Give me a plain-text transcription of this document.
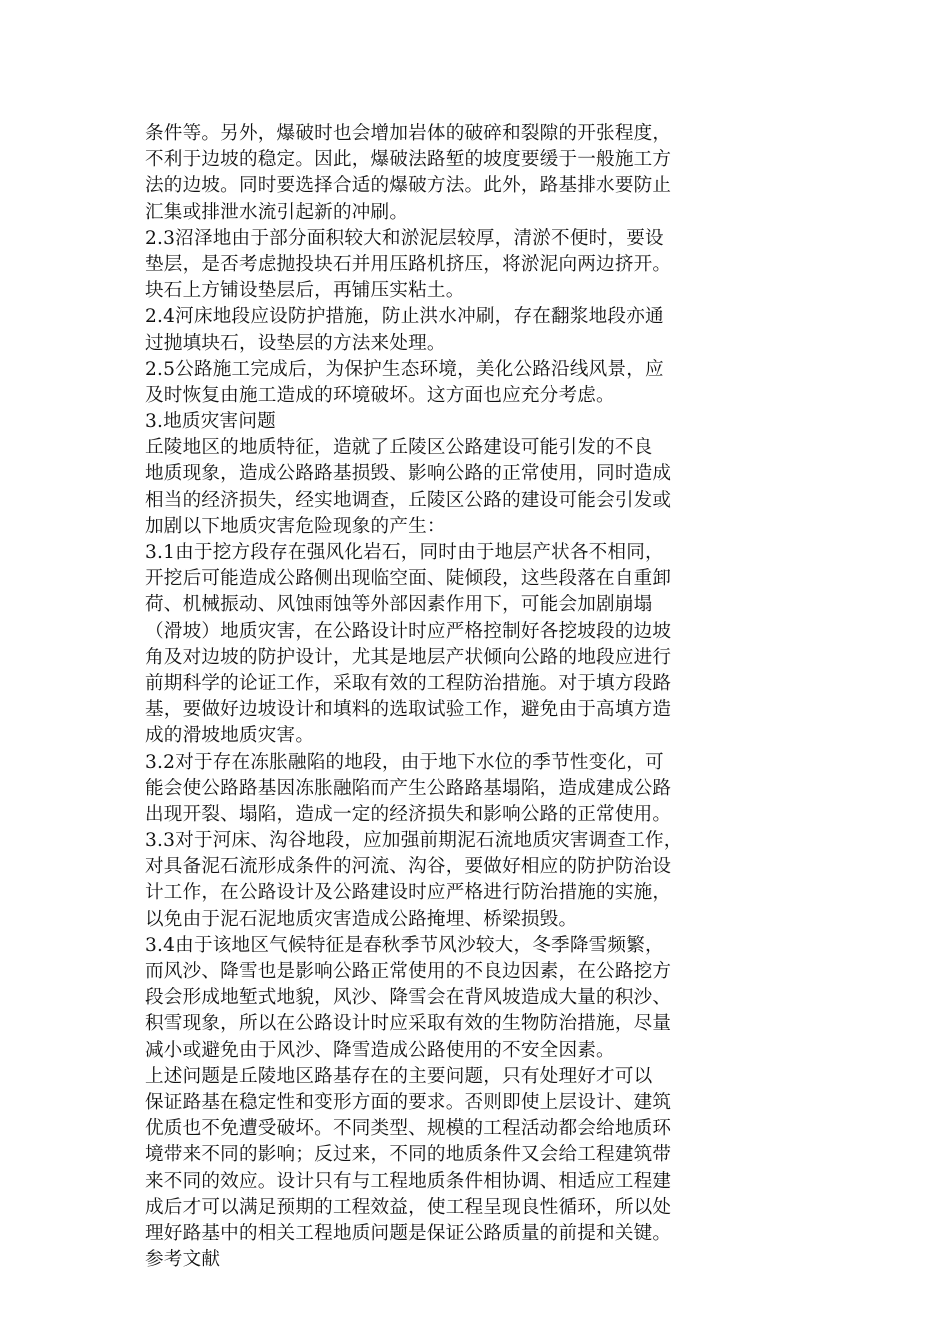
条件等。另外，爆破时也会增加岩体的破碎和裂隙的开张程度，
不利于边坡的稳定。因此，爆破法路堑的坡度要缓于一般施工方
法的边坡。同时要选择合适的爆破方法。此外，路基排水要防止
汇集或排泄水流引起新的冲刷。
2.3沼泽地由于部分面积较大和淤泥层较厚，清淤不便时，要设
垫层，是否考虑抛投块石并用压路机挤压，将淤泥向两边挤开。
块石上方铺设垫层后，再铺压实粘土。
2.4河床地段应设防护措施，防止洪水冲刷，存在翻浆地段亦通
过抛填块石，设垫层的方法来处理。
2.5公路施工完成后，为保护生态环境，美化公路沿线风景，应
及时恢复由施工造成的环境破坏。这方面也应充分考虑。
3.地质灾害问题
丘陵地区的地质特征，造就了丘陵区公路建设可能引发的不良
地质现象，造成公路路基损毁、影响公路的正常使用，同时造成
相当的经济损失，经实地调查，丘陵区公路的建设可能会引发或
加剧以下地质灾害危险现象的产生：
3.1由于挖方段存在强风化岩石，同时由于地层产状各不相同，
开挖后可能造成公路侧出现临空面、陡倾段，这些段落在自重卸
荷、机械振动、风蚀雨蚀等外部因素作用下，可能会加剧崩塌
（滑坡）地质灾害，在公路设计时应严格控制好各挖坡段的边坡
角及对边坡的防护设计，尤其是地层产状倾向公路的地段应进行
前期科学的论证工作，采取有效的工程防治措施。对于填方段路
基，要做好边坡设计和填料的选取试验工作，避免由于高填方造
成的滑坡地质灾害。
3.2对于存在冻胀融陷的地段，由于地下水位的季节性变化，可
能会使公路路基因冻胀融陷而产生公路路基塌陷，造成建成公路
出现开裂、塌陷，造成一定的经济损失和影响公路的正常使用。
3.3对于河床、沟谷地段，应加强前期泥石流地质灾害调查工作，
对具备泥石流形成条件的河流、沟谷，要做好相应的防护防治设
计工作，在公路设计及公路建设时应严格进行防治措施的实施，
以免由于泥石泥地质灾害造成公路掩埋、桥梁损毁。
3.4由于该地区气候特征是春秋季节风沙较大，冬季降雪频繁，
而风沙、降雪也是影响公路正常使用的不良边因素，在公路挖方
段会形成地堑式地貌，风沙、降雪会在背风坡造成大量的积沙、
积雪现象，所以在公路设计时应采取有效的生物防治措施，尽量
减小或避免由于风沙、降雪造成公路使用的不安全因素。
上述问题是丘陵地区路基存在的主要问题，只有处理好才可以
保证路基在稳定性和变形方面的要求。否则即使上层设计、建筑
优质也不免遭受破坏。不同类型、规模的工程活动都会给地质环
境带来不同的影响；反过来，不同的地质条件又会给工程建筑带
来不同的效应。设计只有与工程地质条件相协调、相适应工程建
成后才可以满足预期的工程效益，使工程呈现良性循环，所以处
理好路基中的相关工程地质问题是保证公路质量的前提和关键。
参考文献
